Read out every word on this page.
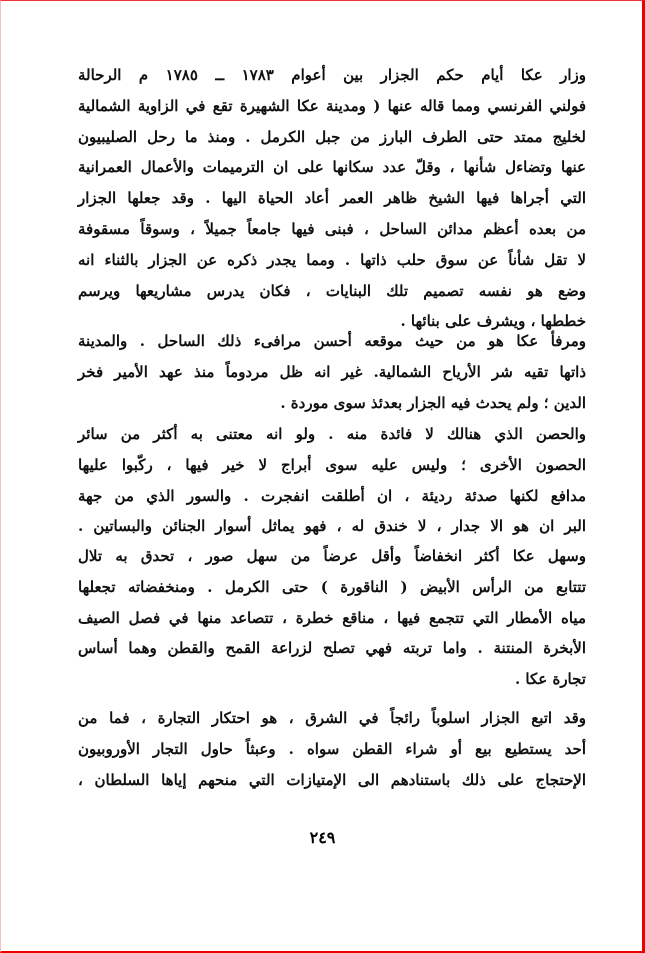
وزار عكا أيام حكم الجزار بين أعوام ١٧٨٣ ــ ١٧٨٥ م الرحالة
فولني الفرنسي ومما قاله عنها ( ومدينة عكا الشهيرة تقع في الزاوية الشمالية
لخليج ممتد حتى الطرف البارز من جبل الكرمل . ومنذ ما رحل الصليبيون
عنها وتضاءل شأنها ، وقلّ عدد سكانها على ان الترميمات والأعمال العمرانية
التي أجراها فيها الشيخ ظاهر العمر أعاد الحياة اليها . وقد جعلها الجزار
من بعده أعظم مدائن الساحل ، فبنى فيها جامعاً جميلاً ، وسوقاً مسقوفة
لا تقل شأناً عن سوق حلب ذاتها . ومما يجدر ذكره عن الجزار بالثناء انه
وضع هو نفسه تصميم تلك البنايات ، فكان يدرس مشاريعها ويرسم
خططها ، ويشرف على بنائها .
ومرفأ عكا هو من حيث موقعه أحسن مرافىء ذلك الساحل . والمدينة
ذاتها تقيه شر الأرياح الشمالية. غير انه ظل مردوماً منذ عهد الأمير فخر
الدين ؛ ولم يحدث فيه الجزار بعدئذ سوى موردة .
والحصن الذي هنالك لا فائدة منه . ولو انه معتنى به أكثر من سائر
الحصون الأخرى ؛ وليس عليه سوى أبراج لا خير فيها ، ركّبوا عليها
مدافع لكنها صدئة رديئة ، ان أطلقت انفجرت . والسور الذي من جهة
البر ان هو الا جدار ، لا خندق له ، فهو يماثل أسوار الجنائن والبساتين .
وسهل عكا أكثر انخفاضاً وأقل عرضاً من سهل صور ، تحدق به تلال
تتتابع من الرأس الأبيض ( الناقورة ) حتى الكرمل . ومنخفضاته تجعلها
مياه الأمطار التي تتجمع فيها ، مناقع خطرة ، تتصاعد منها في فصل الصيف
الأبخرة المنتنة . واما تربته فهي تصلح لزراعة القمح والقطن وهما أساس
تجارة عكا .
وقد اتبع الجزار اسلوباً رائجاً في الشرق ، هو احتكار التجارة ، فما من
أحد يستطيع بيع أو شراء القطن سواه . وعبثاً حاول التجار الأوروبيون
الإحتجاج على ذلك باستنادهم الى الإمتيازات التي منحهم إياها السلطان ،
٢٤٩
